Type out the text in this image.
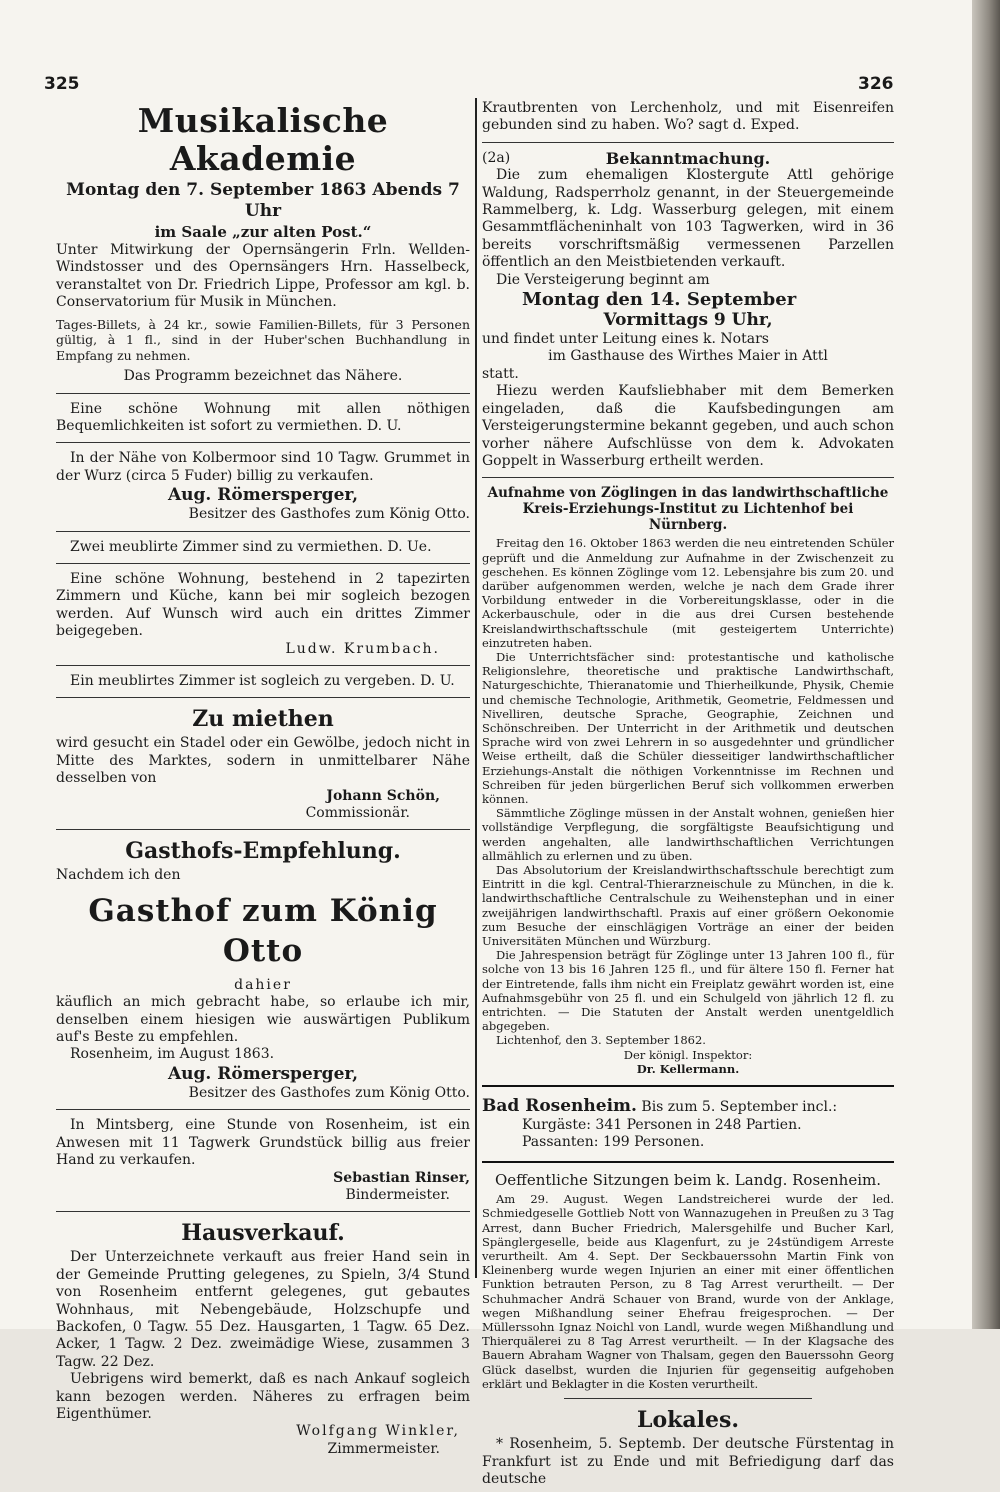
325	326
Musikalische Akademie
Montag den 7. September 1863 Abends 7 Uhr
im Saale „zur alten Post.“
Unter Mitwirkung der Opernsängerin Frln. Wellden-Windstosser und des Opernsängers Hrn. Hasselbeck, veranstaltet von Dr. Friedrich Lippe, Professor am kgl. b. Conservatorium für Musik in München.
Tages-Billets, à 24 kr., sowie Familien-Billets, für 3 Personen gültig, à 1 fl., sind in der Huber'schen Buchhandlung in Empfang zu nehmen.
Das Programm bezeichnet das Nähere.
Eine schöne Wohnung mit allen nöthigen Bequemlichkeiten ist sofort zu vermiethen. D. U.
In der Nähe von Kolbermoor sind 10 Tagw. Grummet in der Wurz (circa 5 Fuder) billig zu verkaufen.
Aug. Römersperger,
Besitzer des Gasthofes zum König Otto.
Zwei meublirte Zimmer sind zu vermiethen. D. Ue.
Eine schöne Wohnung, bestehend in 2 tapezirten Zimmern und Küche, kann bei mir sogleich bezogen werden. Auf Wunsch wird auch ein drittes Zimmer beigegeben.
Ludw. Krumbach.
Ein meublirtes Zimmer ist sogleich zu vergeben. D. U.
Zu miethen
wird gesucht ein Stadel oder ein Gewölbe, jedoch nicht in Mitte des Marktes, sodern in unmittelbarer Nähe desselben von
Johann Schön,
Commissionär.
Gasthofs-Empfehlung.
Nachdem ich den
Gasthof zum König Otto
dahier
käuflich an mich gebracht habe, so erlaube ich mir, denselben einem hiesigen wie auswärtigen Publikum auf's Beste zu empfehlen.
Rosenheim, im August 1863.
Aug. Römersperger,
Besitzer des Gasthofes zum König Otto.
In Mintsberg, eine Stunde von Rosenheim, ist ein Anwesen mit 11 Tagwerk Grundstück billig aus freier Hand zu verkaufen.
Sebastian Rinser,
Bindermeister.
Hausverkauf.
Der Unterzeichnete verkauft aus freier Hand sein in der Gemeinde Prutting gelegenes, zu Spieln, 3/4 Stund von Rosenheim entfernt gelegenes, gut gebautes Wohnhaus, mit Nebengebäude, Holzschupfe und Backofen, 0 Tagw. 55 Dez. Hausgarten, 1 Tagw. 65 Dez. Acker, 1 Tagw. 2 Dez. zweimädige Wiese, zusammen 3 Tagw. 22 Dez.
Uebrigens wird bemerkt, daß es nach Ankauf sogleich kann bezogen werden. Näheres zu erfragen beim Eigenthümer.
Wolfgang Winkler,
Zimmermeister.
Krautbrenten von Lerchenholz, und mit Eisenreifen gebunden sind zu haben. Wo? sagt d. Exped.
(2a)	Bekanntmachung.
Die zum ehemaligen Klostergute Attl gehörige Waldung, Radsperrholz genannt, in der Steuergemeinde Rammelberg, k. Ldg. Wasserburg gelegen, mit einem Gesammtflächeninhalt von 103 Tagwerken, wird in 36 bereits vorschriftsmäßig vermessenen Parzellen öffentlich an den Meistbietenden verkauft.
Die Versteigerung beginnt am
Montag den 14. September
Vormittags 9 Uhr,
und findet unter Leitung eines k. Notars
im Gasthause des Wirthes Maier in Attl
statt.
Hiezu werden Kaufsliebhaber mit dem Bemerken eingeladen, daß die Kaufsbedingungen am Versteigerungstermine bekannt gegeben, und auch schon vorher nähere Aufschlüsse von dem k. Advokaten Goppelt in Wasserburg ertheilt werden.
Aufnahme von Zöglingen in das landwirthschaftliche Kreis-Erziehungs-Institut zu Lichtenhof bei Nürnberg.
Freitag den 16. Oktober 1863 werden die neu eintretenden Schüler geprüft und die Anmeldung zur Aufnahme in der Zwischenzeit zu geschehen. Es können Zöglinge vom 12. Lebensjahre bis zum 20. und darüber aufgenommen werden, welche je nach dem Grade ihrer Vorbildung entweder in die Vorbereitungsklasse, oder in die Ackerbauschule, oder in die aus drei Cursen bestehende Kreislandwirthschaftsschule (mit gesteigertem Unterrichte) einzutreten haben.
Die Unterrichtsfächer sind: protestantische und katholische Religionslehre, theoretische und praktische Landwirthschaft, Naturgeschichte, Thieranatomie und Thierheilkunde, Physik, Chemie und chemische Technologie, Arithmetik, Geometrie, Feldmessen und Nivelliren, deutsche Sprache, Geographie, Zeichnen und Schönschreiben. Der Unterricht in der Arithmetik und deutschen Sprache wird von zwei Lehrern in so ausgedehnter und gründlicher Weise ertheilt, daß die Schüler diesseitiger landwirthschaftlicher Erziehungs-Anstalt die nöthigen Vorkenntnisse im Rechnen und Schreiben für jeden bürgerlichen Beruf sich vollkommen erwerben können.
Sämmtliche Zöglinge müssen in der Anstalt wohnen, genießen hier vollständige Verpflegung, die sorgfältigste Beaufsichtigung und werden angehalten, alle landwirthschaftlichen Verrichtungen allmählich zu erlernen und zu üben.
Das Absolutorium der Kreislandwirthschaftsschule berechtigt zum Eintritt in die kgl. Central-Thierarzneischule zu München, in die k. landwirthschaftliche Centralschule zu Weihenstephan und in einer zweijährigen landwirthschaftl. Praxis auf einer größern Oekonomie zum Besuche der einschlägigen Vorträge an einer der beiden Universitäten München und Würzburg.
Die Jahrespension beträgt für Zöglinge unter 13 Jahren 100 fl., für solche von 13 bis 16 Jahren 125 fl., und für ältere 150 fl. Ferner hat der Eintretende, falls ihm nicht ein Freiplatz gewährt worden ist, eine Aufnahmsgebühr von 25 fl. und ein Schulgeld von jährlich 12 fl. zu entrichten. — Die Statuten der Anstalt werden unentgeldlich abgegeben.
Lichtenhof, den 3. September 1862.
Der königl. Inspektor:
Dr. Kellermann.
Bad Rosenheim. Bis zum 5. September incl.:
Kurgäste: 341 Personen in 248 Partien.
Passanten: 199 Personen.
Oeffentliche Sitzungen beim k. Landg. Rosenheim.
Am 29. August. Wegen Landstreicherei wurde der led. Schmiedgeselle Gottlieb Nott von Wannazugehen in Preußen zu 3 Tag Arrest, dann Bucher Friedrich, Malersgehilfe und Bucher Karl, Spänglergeselle, beide aus Klagenfurt, zu je 24stündigem Arreste verurtheilt. Am 4. Sept. Der Seckbauerssohn Martin Fink von Kleinenberg wurde wegen Injurien an einer mit einer öffentlichen Funktion betrauten Person, zu 8 Tag Arrest verurtheilt. — Der Schuhmacher Andrä Schauer von Brand, wurde von der Anklage, wegen Mißhandlung seiner Ehefrau freigesprochen. — Der Müllerssohn Ignaz Noichl von Landl, wurde wegen Mißhandlung und Thierquälerei zu 8 Tag Arrest verurtheilt. — In der Klagsache des Bauern Abraham Wagner von Thalsam, gegen den Bauerssohn Georg Glück daselbst, wurden die Injurien für gegenseitig aufgehoben erklärt und Beklagter in die Kosten verurtheilt.
Lokales.
* Rosenheim, 5. Septemb. Der deutsche Fürstentag in Frankfurt ist zu Ende und mit Befriedigung darf das deutsche
